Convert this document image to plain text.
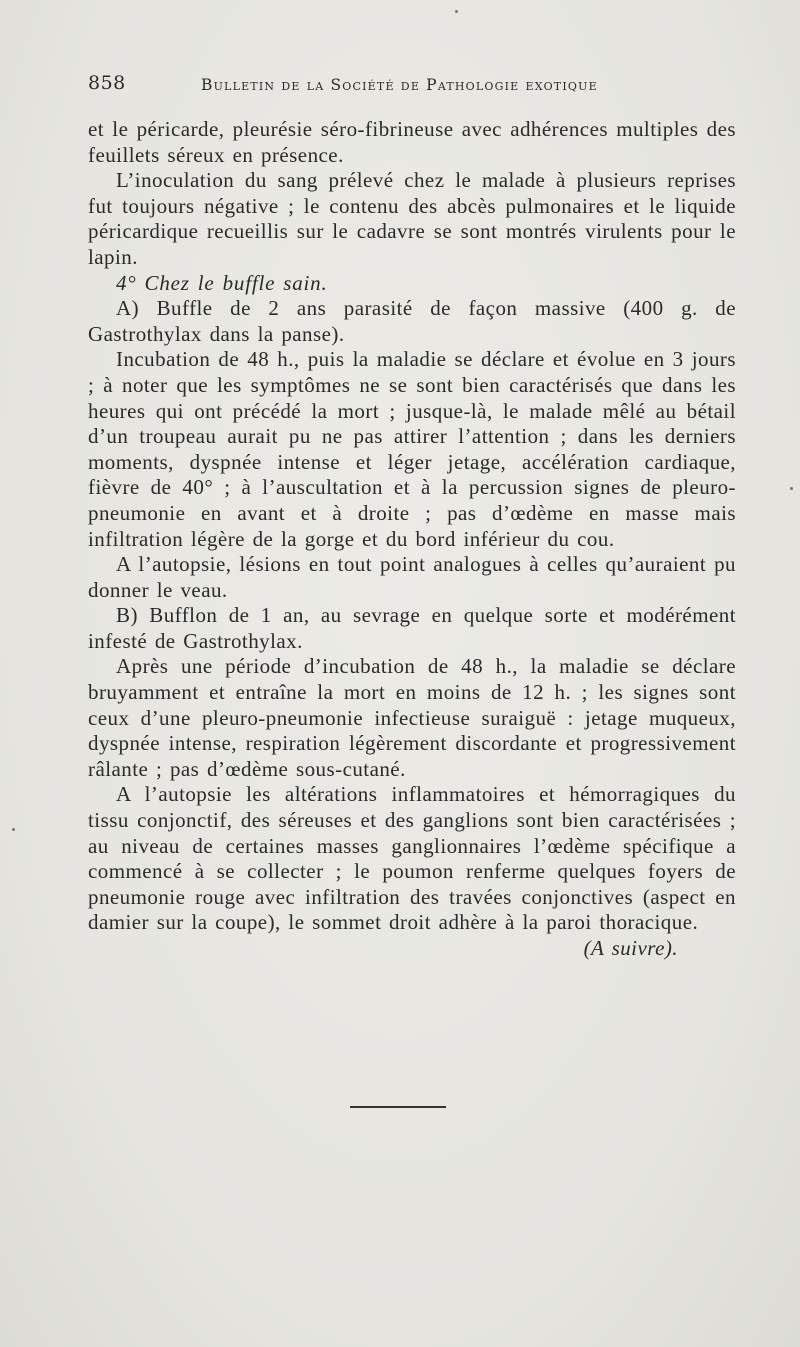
858	Bulletin de la Société de Pathologie exotique

et le péricarde, pleurésie séro-fibrineuse avec adhérences multiples des feuillets séreux en présence.

L’inoculation du sang prélevé chez le malade à plusieurs reprises fut toujours négative ; le contenu des abcès pulmonaires et le liquide péricardique recueillis sur le cadavre se sont montrés virulents pour le lapin.

4° Chez le buffle sain.

A) Buffle de 2 ans parasité de façon massive (400 g. de Gastrothylax dans la panse).

Incubation de 48 h., puis la maladie se déclare et évolue en 3 jours ; à noter que les symptômes ne se sont bien caractérisés que dans les heures qui ont précédé la mort ; jusque-là, le malade mêlé au bétail d’un troupeau aurait pu ne pas attirer l’attention ; dans les derniers moments, dyspnée intense et léger jetage, accélération cardiaque, fièvre de 40° ; à l’auscultation et à la percussion signes de pleuro-pneumonie en avant et à droite ; pas d’œdème en masse mais infiltration légère de la gorge et du bord inférieur du cou.

A l’autopsie, lésions en tout point analogues à celles qu’auraient pu donner le veau.

B) Bufflon de 1 an, au sevrage en quelque sorte et modérément infesté de Gastrothylax.

Après une période d’incubation de 48 h., la maladie se déclare bruyamment et entraîne la mort en moins de 12 h. ; les signes sont ceux d’une pleuro-pneumonie infectieuse suraiguë : jetage muqueux, dyspnée intense, respiration légèrement discordante et progressivement râlante ; pas d’œdème sous-cutané.

A l’autopsie les altérations inflammatoires et hémorragiques du tissu conjonctif, des séreuses et des ganglions sont bien caractérisées ; au niveau de certaines masses ganglionnaires l’œdème spécifique a commencé à se collecter ; le poumon renferme quelques foyers de pneumonie rouge avec infiltration des travées conjonctives (aspect en damier sur la coupe), le sommet droit adhère à la paroi thoracique.
(A suivre).
